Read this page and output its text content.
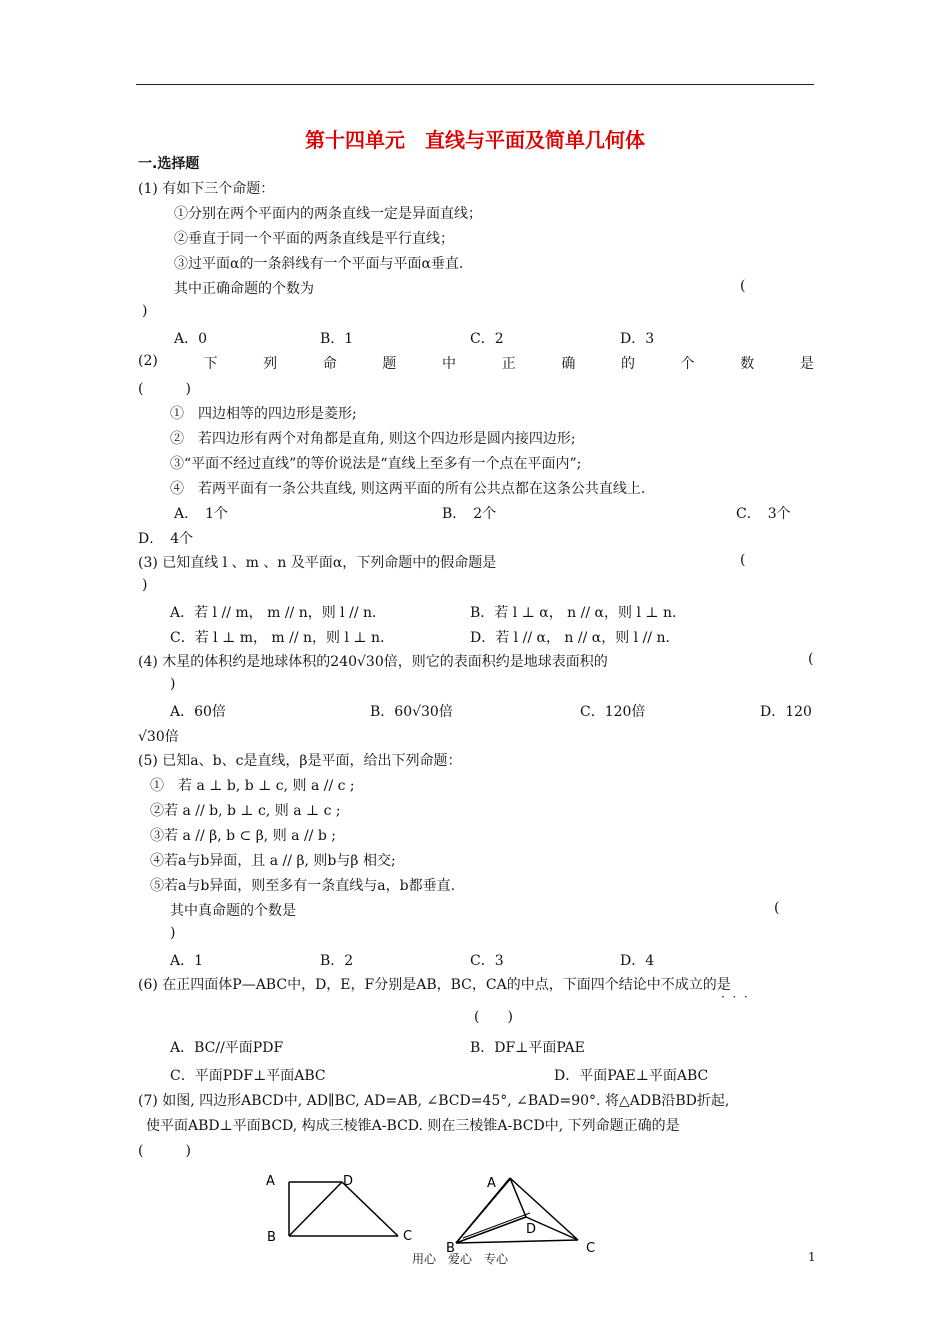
第十四单元　直线与平面及简单几何体
一.选择题
(1) 有如下三个命题：
①分别在两个平面内的两条直线一定是异面直线；
②垂直于同一个平面的两条直线是平行直线；
③过平面α的一条斜线有一个平面与平面α垂直.
其中正确命题的个数为	(
)
A．0	B．1	C．2	D．3
(2)	下	列	命	题	中	正	确	的	个	数	是
(　　　)
①　四边相等的四边形是菱形;
②　若四边形有两个对角都是直角, 则这个四边形是圆内接四边形;
③“平面不经过直线”的等价说法是“直线上至多有一个点在平面内”;
④　若两平面有一条公共直线, 则这两平面的所有公共点都在这条公共直线上.
A．　1个	B．　2个	C．　3个
D．　4个
(3) 已知直线 l 、m 、n 及平面α，下列命题中的假命题是	(
)
A．若 l // m， m // n，则 l // n．	B．若 l ⊥ α， n // α，则 l ⊥ n．
C．若 l ⊥ m， m // n，则 l ⊥ n．	D．若 l // α， n // α，则 l // n．
(4) 木星的体积约是地球体积的240√30倍，则它的表面积约是地球表面积的	(
)
A．60倍	B．60√30倍	C．120倍	D．120
√30倍
(5) 已知a、b、c是直线，β是平面，给出下列命题：
①　若 a ⊥ b, b ⊥ c, 则 a // c ;
②若 a // b, b ⊥ c, 则 a ⊥ c ;
③若 a // β, b ⊂ β, 则 a // b ;
④若a与b异面，且 a // β, 则b与β 相交;
⑤若a与b异面，则至多有一条直线与a，b都垂直.
其中真命题的个数是	(
)
A．1	B．2	C．3	D．4
(6) 在正四面体P—ABC中，D，E，F分别是AB，BC，CA的中点，下面四个结论中不成立的是
·  ·  ·
(　　)
A．BC//平面PDF	B．DF⊥平面PAE
C．平面PDF⊥平面ABC	D．平面PAE⊥平面ABC
(7) 如图, 四边形ABCD中, AD∥BC, AD=AB, ∠BCD=45°, ∠BAD=90°. 将△ADB沿BD折起,
使平面ABD⊥平面BCD, 构成三棱锥A-BCD. 则在三棱锥A-BCD中, 下列命题正确的是
(　　　)
A	D
B	C
A
D
B	C
用心　爱心　专心	1
